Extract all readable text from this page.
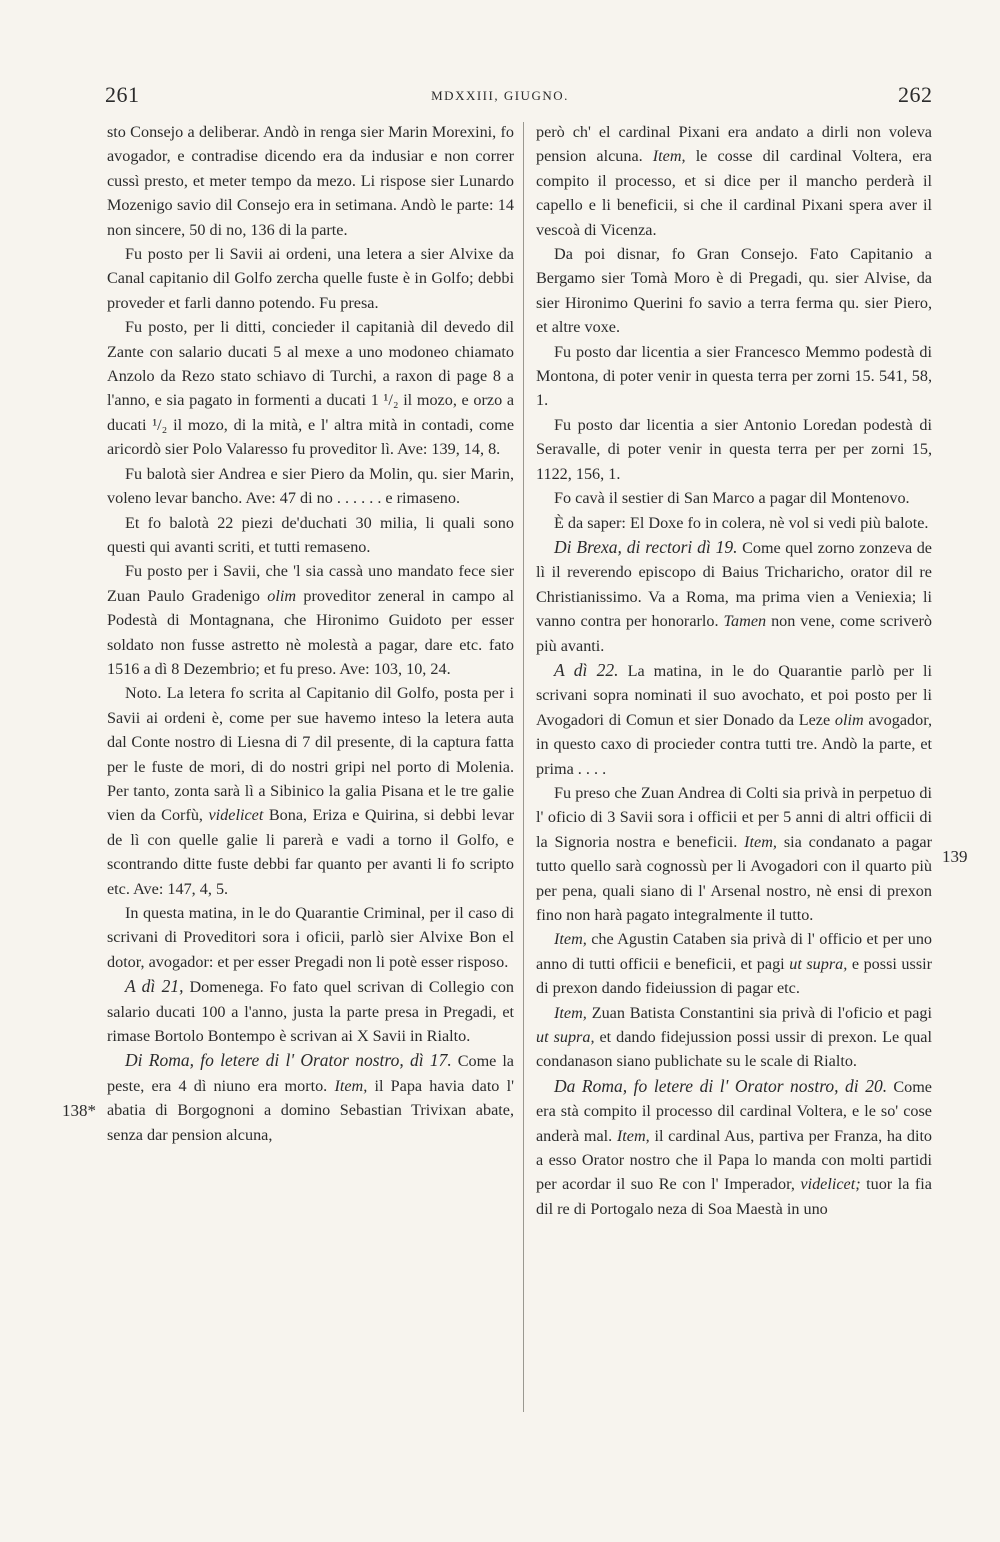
261	MDXXIII, GIUGNO.	262
138*
139

sto Consejo a deliberar. Andò in renga sier Marin Morexini, fo avogador, e contradise dicendo era da indusiar e non correr cussì presto, et meter tempo da mezo. Li rispose sier Lunardo Mozenigo savio dil Consejo era in setimana. Andò le parte: 14 non sincere, 50 di no, 136 di la parte.

Fu posto per li Savii ai ordeni, una letera a sier Alvixe da Canal capitanio dil Golfo zercha quelle fuste è in Golfo; debbi proveder et farli danno potendo. Fu presa.

Fu posto, per li ditti, concieder il capitanià dil devedo dil Zante con salario ducati 5 al mexe a uno modoneo chiamato Anzolo da Rezo stato schiavo di Turchi, a raxon di page 8 a l'anno, e sia pagato in formenti a ducati 1 ¹/₂ il mozo, e orzo a ducati ¹/₂ il mozo, di la mità, e l' altra mità in contadi, come aricordò sier Polo Valaresso fu proveditor lì. Ave: 139, 14, 8.

Fu balotà sier Andrea e sier Piero da Molin, qu. sier Marin, voleno levar bancho. Ave: 47 di no . . . . . . e rimaseno.

Et fo balotà 22 piezi de'duchati 30 milia, li quali sono questi qui avanti scriti, et tutti remaseno.

Fu posto per i Savii, che 'l sia cassà uno mandato fece sier Zuan Paulo Gradenigo olim proveditor zeneral in campo al Podestà di Montagnana, che Hironimo Guidoto per esser soldato non fusse astretto nè molestà a pagar, dare etc. fato 1516 a dì 8 Dezembrio; et fu preso. Ave: 103, 10, 24.

Noto. La letera fo scrita al Capitanio dil Golfo, posta per i Savii ai ordeni è, come per sue havemo inteso la letera auta dal Conte nostro di Liesna di 7 dil presente, di la captura fatta per le fuste de mori, di do nostri gripi nel porto di Molenia. Per tanto, zonta sarà lì a Sibinico la galia Pisana et le tre galie vien da Corfù, videlicet Bona, Eriza e Quirina, si debbi levar de lì con quelle galie li parerà e vadi a torno il Golfo, e scontrando ditte fuste debbi far quanto per avanti li fo scripto etc. Ave: 147, 4, 5.

In questa matina, in le do Quarantie Criminal, per il caso di scrivani di Proveditori sora i oficii, parlò sier Alvixe Bon el dotor, avogador: et per esser Pregadi non li potè esser risposo.

A dì 21, Domenega. Fo fato quel scrivan di Collegio con salario ducati 100 a l'anno, justa la parte presa in Pregadi, et rimase Bortolo Bontempo è scrivan ai X Savii in Rialto.

Di Roma, fo letere di l' Orator nostro, dì 17. Come la peste, era 4 dì niuno era morto. Item, il Papa havia dato l' abatia di Borgognoni a domino Sebastian Trivixan abate, senza dar pension alcuna,

però ch' el cardinal Pixani era andato a dirli non voleva pension alcuna. Item, le cosse dil cardinal Voltera, era compito il processo, et si dice per il mancho perderà il capello e li beneficii, si che il cardinal Pixani spera aver il vescoà di Vicenza.

Da poi disnar, fo Gran Consejo. Fato Capitanio a Bergamo sier Tomà Moro è di Pregadi, qu. sier Alvise, da sier Hironimo Querini fo savio a terra ferma qu. sier Piero, et altre voxe.

Fu posto dar licentia a sier Francesco Memmo podestà di Montona, di poter venir in questa terra per zorni 15. 541, 58, 1.

Fu posto dar licentia a sier Antonio Loredan podestà di Seravalle, di poter venir in questa terra per per zorni 15, 1122, 156, 1.

Fo cavà il sestier di San Marco a pagar dil Montenovo.

È da saper: El Doxe fo in colera, nè vol si vedi più balote.

Di Brexa, di rectori dì 19. Come quel zorno zonzeva de lì il reverendo episcopo di Baius Tricharicho, orator dil re Christianissimo. Va a Roma, ma prima vien a Veniexia; li vanno contra per honorarlo. Tamen non vene, come scriverò più avanti.

A dì 22. La matina, in le do Quarantie parlò per li scrivani sopra nominati il suo avochato, et poi posto per li Avogadori di Comun et sier Donado da Leze olim avogador, in questo caxo di procieder contra tutti tre. Andò la parte, et prima . . . .

Fu preso che Zuan Andrea di Colti sia privà in perpetuo di l' oficio di 3 Savii sora i officii et per 5 anni di altri officii di la Signoria nostra e beneficii. Item, sia condanato a pagar tutto quello sarà cognossù per li Avogadori con il quarto più per pena, quali siano di l' Arsenal nostro, nè ensi di prexon fino non harà pagato integralmente il tutto.

Item, che Agustin Cataben sia privà di l' officio et per uno anno di tutti officii e beneficii, et pagi ut supra, e possi ussir di prexon dando fideiussion di pagar etc.

Item, Zuan Batista Constantini sia privà di l'oficio et pagi ut supra, et dando fidejussion possi ussir di prexon. Le qual condanason siano publichate su le scale di Rialto.

Da Roma, fo letere di l' Orator nostro, di 20. Come era stà compito il processo dil cardinal Voltera, e le so' cose anderà mal. Item, il cardinal Aus, partiva per Franza, ha dito a esso Orator nostro che il Papa lo manda con molti partidi per acordar il suo Re con l' Imperador, videlicet; tuor la fia dil re di Portogalo neza di Soa Maestà in uno
